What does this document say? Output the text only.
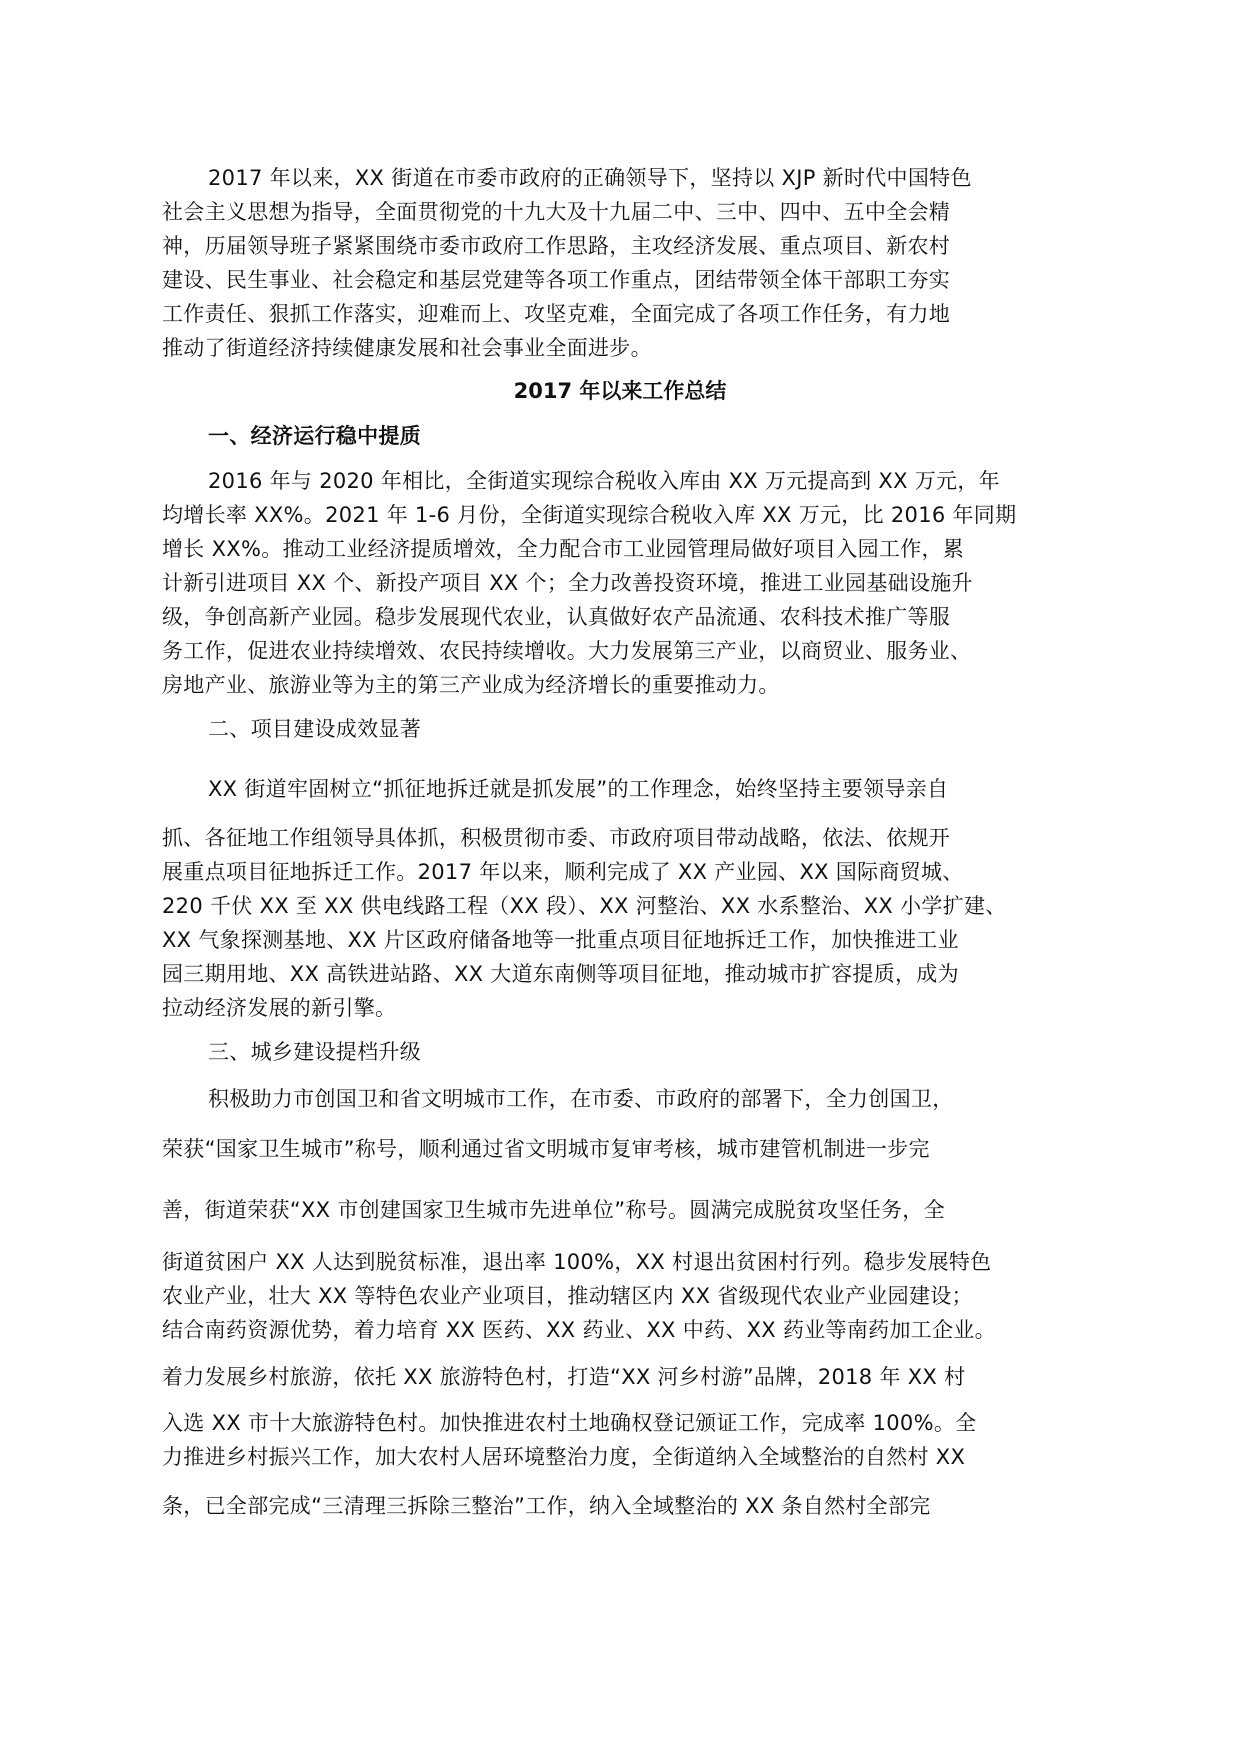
2017 年以来，XX 街道在市委市政府的正确领导下，坚持以 XJP 新时代中国特色
社会主义思想为指导，全面贯彻党的十九大及十九届二中、三中、四中、五中全会精
神，历届领导班子紧紧围绕市委市政府工作思路，主攻经济发展、重点项目、新农村
建设、民生事业、社会稳定和基层党建等各项工作重点，团结带领全体干部职工夯实
工作责任、狠抓工作落实，迎难而上、攻坚克难，全面完成了各项工作任务，有力地
推动了街道经济持续健康发展和社会事业全面进步。
2017 年以来工作总结
一、经济运行稳中提质
2016 年与 2020 年相比，全街道实现综合税收入库由 XX 万元提高到 XX 万元，年
均增长率 XX%。2021 年 1-6 月份，全街道实现综合税收入库 XX 万元，比 2016 年同期
增长 XX%。推动工业经济提质增效，全力配合市工业园管理局做好项目入园工作，累
计新引进项目 XX 个、新投产项目 XX 个；全力改善投资环境，推进工业园基础设施升
级，争创高新产业园。稳步发展现代农业，认真做好农产品流通、农科技术推广等服
务工作，促进农业持续增效、农民持续增收。大力发展第三产业，以商贸业、服务业、
房地产业、旅游业等为主的第三产业成为经济增长的重要推动力。
二、项目建设成效显著
XX 街道牢固树立“抓征地拆迁就是抓发展”的工作理念，始终坚持主要领导亲自
抓、各征地工作组领导具体抓，积极贯彻市委、市政府项目带动战略，依法、依规开
展重点项目征地拆迁工作。2017 年以来，顺利完成了 XX 产业园、XX 国际商贸城、
220 千伏 XX 至 XX 供电线路工程（XX 段）、XX 河整治、XX 水系整治、XX 小学扩建、
XX 气象探测基地、XX 片区政府储备地等一批重点项目征地拆迁工作，加快推进工业
园三期用地、XX 高铁进站路、XX 大道东南侧等项目征地，推动城市扩容提质，成为
拉动经济发展的新引擎。
三、城乡建设提档升级
积极助力市创国卫和省文明城市工作，在市委、市政府的部署下，全力创国卫，
荣获“国家卫生城市”称号，顺利通过省文明城市复审考核，城市建管机制进一步完
善，街道荣获“XX 市创建国家卫生城市先进单位”称号。圆满完成脱贫攻坚任务，全
街道贫困户 XX 人达到脱贫标准，退出率 100%，XX 村退出贫困村行列。稳步发展特色
农业产业，壮大 XX 等特色农业产业项目，推动辖区内 XX 省级现代农业产业园建设；
结合南药资源优势，着力培育 XX 医药、XX 药业、XX 中药、XX 药业等南药加工企业。
着力发展乡村旅游，依托 XX 旅游特色村，打造“XX 河乡村游”品牌，2018 年 XX 村
入选 XX 市十大旅游特色村。加快推进农村土地确权登记颁证工作，完成率 100%。全
力推进乡村振兴工作，加大农村人居环境整治力度，全街道纳入全域整治的自然村 XX
条，已全部完成“三清理三拆除三整治”工作，纳入全域整治的 XX 条自然村全部完
